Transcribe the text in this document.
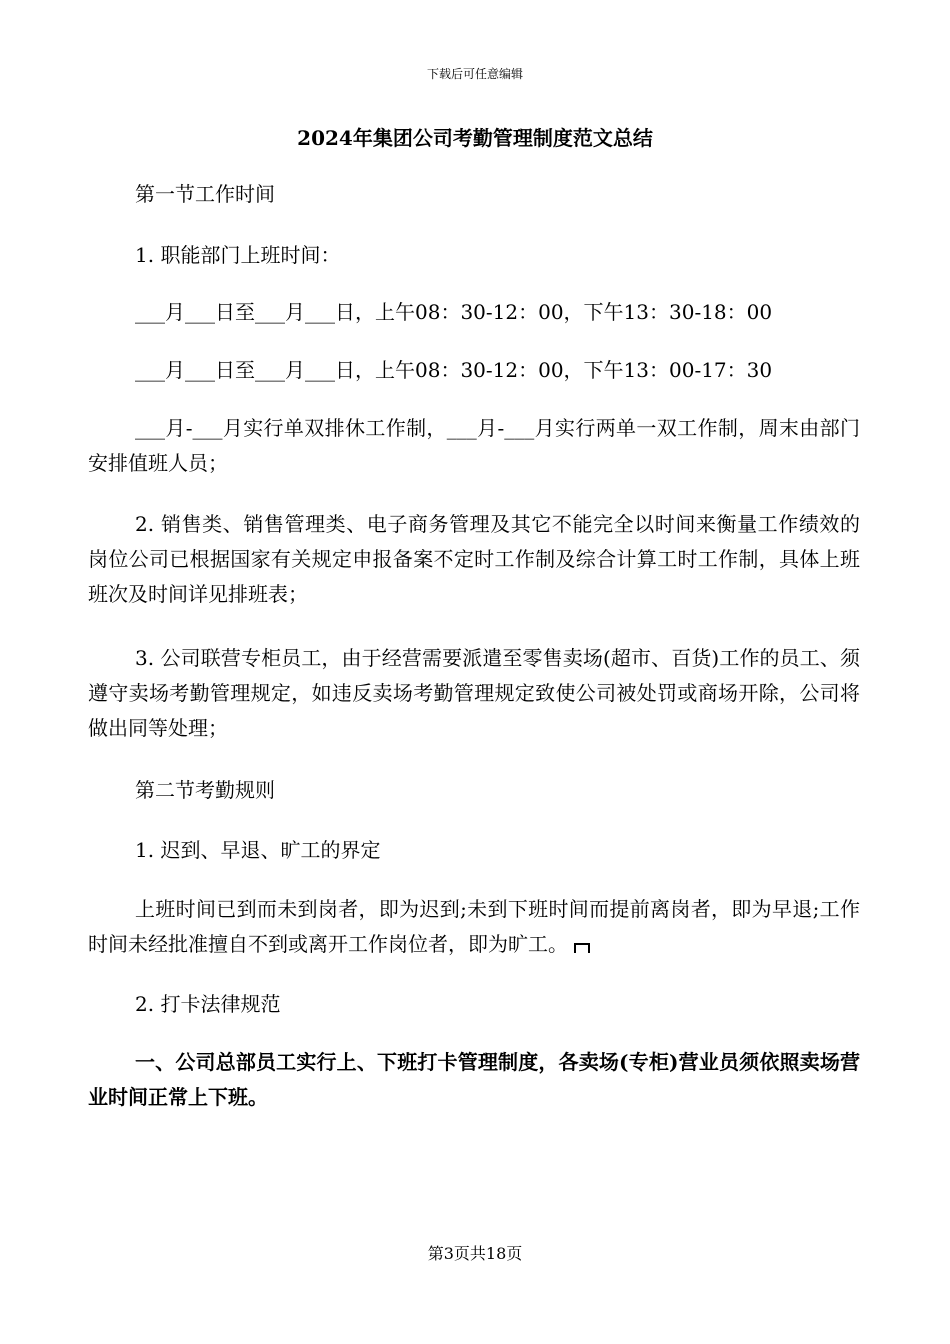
下载后可任意编辑
2024年集团公司考勤管理制度范文总结
第一节工作时间
1. 职能部门上班时间：
___月___日至___月___日，上午08：30-12：00，下午13：30-18：00
___月___日至___月___日，上午08：30-12：00，下午13：00-17：30
___月-___月实行单双排休工作制，___月-___月实行两单一双工作制，周末由部门安排值班人员；
2. 销售类、销售管理类、电子商务管理及其它不能完全以时间来衡量工作绩效的岗位公司已根据国家有关规定申报备案不定时工作制及综合计算工时工作制，具体上班班次及时间详见排班表；
3. 公司联营专柜员工，由于经营需要派遣至零售卖场(超市、百货)工作的员工、须遵守卖场考勤管理规定，如违反卖场考勤管理规定致使公司被处罚或商场开除，公司将做出同等处理；
第二节考勤规则
1. 迟到、早退、旷工的界定
上班时间已到而未到岗者，即为迟到;未到下班时间而提前离岗者，即为早退;工作时间未经批准擅自不到或离开工作岗位者，即为旷工。
2. 打卡法律规范
一、公司总部员工实行上、下班打卡管理制度，各卖场(专柜)营业员须依照卖场营业时间正常上下班。
第3页共18页
